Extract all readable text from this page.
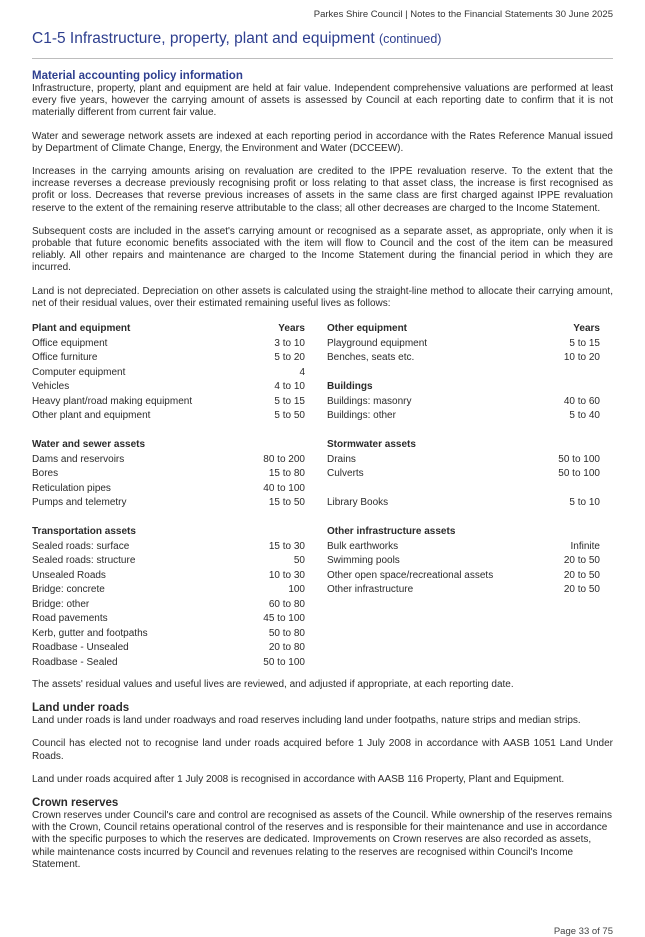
Parkes Shire Council | Notes to the Financial Statements 30 June 2025
C1-5 Infrastructure, property, plant and equipment (continued)
Material accounting policy information

Infrastructure, property, plant and equipment are held at fair value. Independent comprehensive valuations are performed at least every five years, however the carrying amount of assets is assessed by Council at each reporting date to confirm that it is not materially different from current fair value.

Water and sewerage network assets are indexed at each reporting period in accordance with the Rates Reference Manual issued by Department of Climate Change, Energy, the Environment and Water (DCCEEW).

Increases in the carrying amounts arising on revaluation are credited to the IPPE revaluation reserve. To the extent that the increase reverses a decrease previously recognising profit or loss relating to that asset class, the increase is first recognised as profit or loss. Decreases that reverse previous increases of assets in the same class are first charged against IPPE revaluation reserve to the extent of the remaining reserve attributable to the class; all other decreases are charged to the Income Statement.

Subsequent costs are included in the asset's carrying amount or recognised as a separate asset, as appropriate, only when it is probable that future economic benefits associated with the item will flow to Council and the cost of the item can be measured reliably. All other repairs and maintenance are charged to the Income Statement during the financial period in which they are incurred.

Land is not depreciated. Depreciation on other assets is calculated using the straight-line method to allocate their carrying amount, net of their residual values, over their estimated remaining useful lives as follows:

Plant and equipment	Years
Office equipment	3 to 10
Office furniture	5 to 20
Computer equipment	4
Vehicles	4 to 10
Heavy plant/road making equipment	5 to 15
Other plant and equipment	5 to 50
Water and sewer assets
Dams and reservoirs	80 to 200
Bores	15 to 80
Reticulation pipes	40 to 100
Pumps and telemetry	15 to 50
Transportation assets
Sealed roads: surface	15 to 30
Sealed roads: structure	50
Unsealed Roads	10 to 30
Bridge: concrete	100
Bridge: other	60 to 80
Road pavements	45 to 100
Kerb, gutter and footpaths	50 to 80
Roadbase - Unsealed	20 to 80
Roadbase - Sealed	50 to 100
Other equipment	Years
Playground equipment	5 to 15
Benches, seats etc.	10 to 20
Buildings
Buildings: masonry	40 to 60
Buildings: other	5 to 40
Stormwater assets
Drains	50 to 100
Culverts	50 to 100
Library Books	5 to 10
Other infrastructure assets
Bulk earthworks	Infinite
Swimming pools	20 to 50
Other open space/recreational assets	20 to 50
Other infrastructure	20 to 50

The assets' residual values and useful lives are reviewed, and adjusted if appropriate, at each reporting date.

Land under roads

Land under roads is land under roadways and road reserves including land under footpaths, nature strips and median strips.

Council has elected not to recognise land under roads acquired before 1 July 2008 in accordance with AASB 1051 Land Under Roads.

Land under roads acquired after 1 July 2008 is recognised in accordance with AASB 116 Property, Plant and Equipment.

Crown reserves

Crown reserves under Council's care and control are recognised as assets of the Council. While ownership of the reserves remains with the Crown, Council retains operational control of the reserves and is responsible for their maintenance and use in accordance with the specific purposes to which the reserves are dedicated. Improvements on Crown reserves are also recorded as assets, while maintenance costs incurred by Council and revenues relating to the reserves are recognised within Council's Income Statement.

Page 33 of 75
